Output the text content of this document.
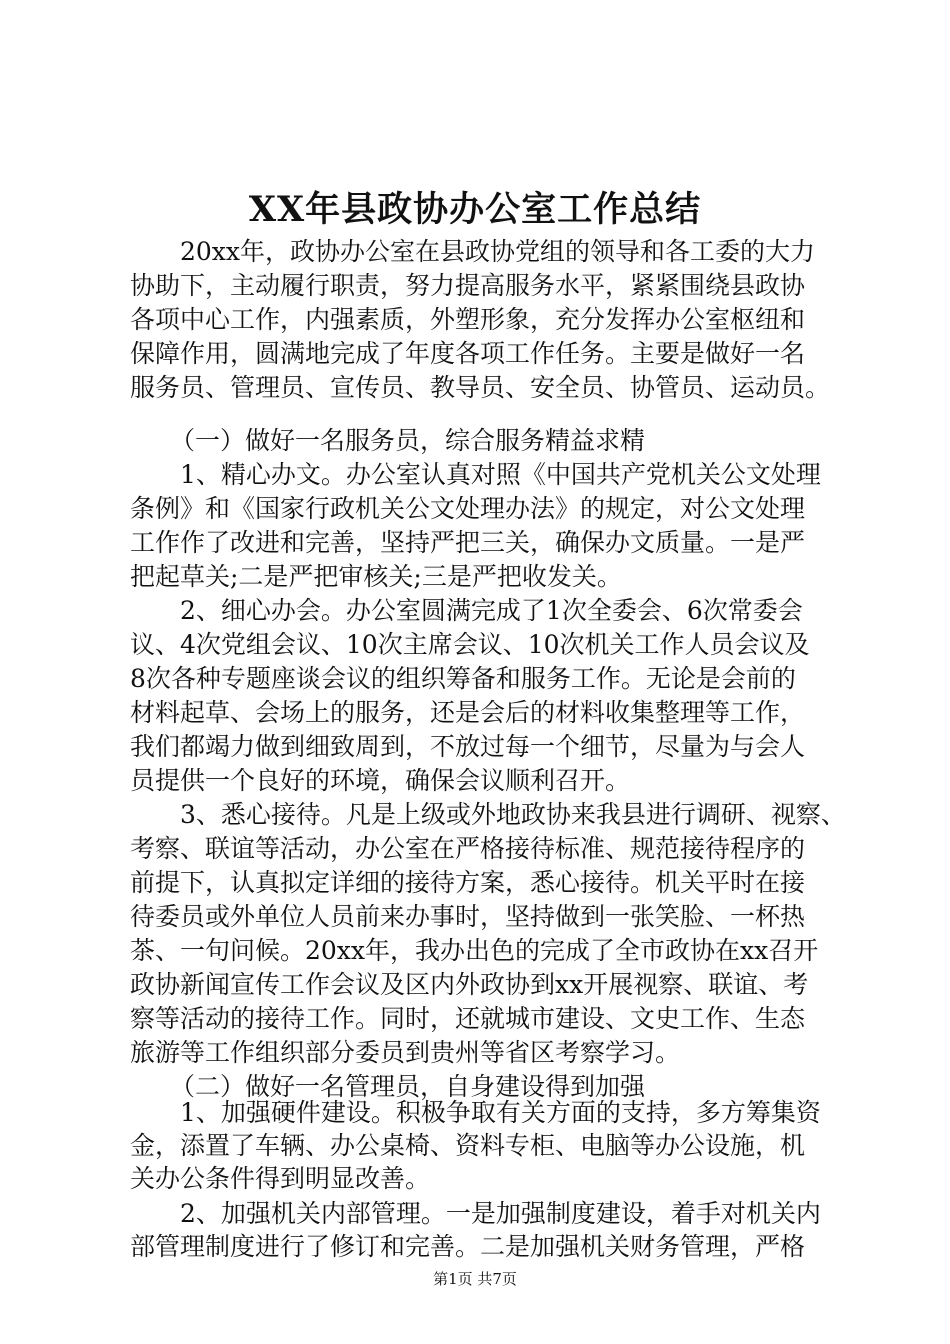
XX年县政协办公室工作总结
20xx年，政协办公室在县政协党组的领导和各工委的大力
协助下，主动履行职责，努力提高服务水平，紧紧围绕县政协
各项中心工作，内强素质，外塑形象，充分发挥办公室枢纽和
保障作用，圆满地完成了年度各项工作任务。主要是做好一名
服务员、管理员、宣传员、教导员、安全员、协管员、运动员。
（一）做好一名服务员，综合服务精益求精
1、精心办文。办公室认真对照《中国共产党机关公文处理
条例》和《国家行政机关公文处理办法》的规定，对公文处理
工作作了改进和完善，坚持严把三关，确保办文质量。一是严
把起草关;二是严把审核关;三是严把收发关。
2、细心办会。办公室圆满完成了1次全委会、6次常委会
议、4次党组会议、10次主席会议、10次机关工作人员会议及
8次各种专题座谈会议的组织筹备和服务工作。无论是会前的
材料起草、会场上的服务，还是会后的材料收集整理等工作，
我们都竭力做到细致周到，不放过每一个细节，尽量为与会人
员提供一个良好的环境，确保会议顺利召开。
3、悉心接待。凡是上级或外地政协来我县进行调研、视察、
考察、联谊等活动，办公室在严格接待标准、规范接待程序的
前提下，认真拟定详细的接待方案，悉心接待。机关平时在接
待委员或外单位人员前来办事时，坚持做到一张笑脸、一杯热
茶、一句问候。20xx年，我办出色的完成了全市政协在xx召开
政协新闻宣传工作会议及区内外政协到xx开展视察、联谊、考
察等活动的接待工作。同时，还就城市建设、文史工作、生态
旅游等工作组织部分委员到贵州等省区考察学习。
（二）做好一名管理员，自身建设得到加强
1、加强硬件建设。积极争取有关方面的支持，多方筹集资
金，添置了车辆、办公桌椅、资料专柜、电脑等办公设施，机
关办公条件得到明显改善。
2、加强机关内部管理。一是加强制度建设，着手对机关内
部管理制度进行了修订和完善。二是加强机关财务管理，严格
第1页 共7页
